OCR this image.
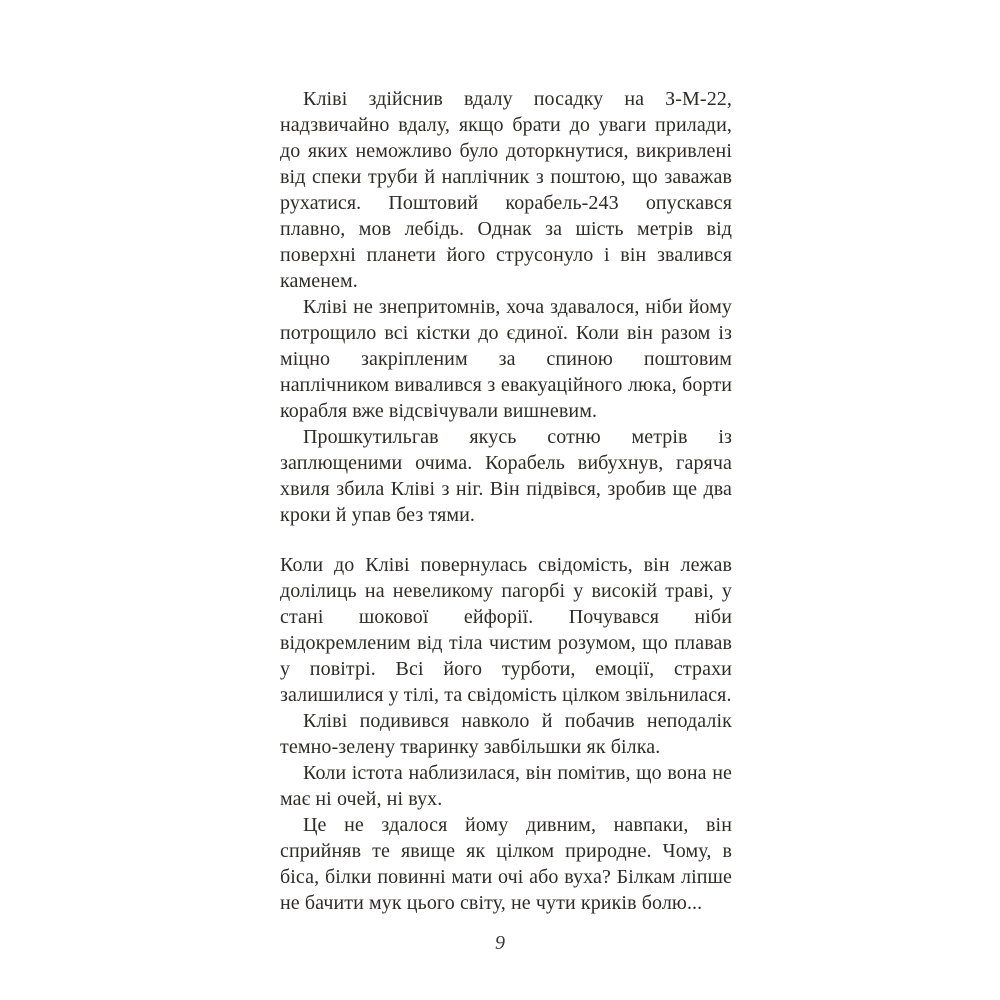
Кліві здійснив вдалу посадку на З-М-22, надзвичайно вдалу, якщо брати до уваги прилади, до яких неможливо було доторкнутися, викривлені від спеки труби й наплічник з поштою, що заважав рухатися. Поштовий корабель-243 опускався плавно, мов лебідь. Однак за шість метрів від поверхні планети його струсонуло і він звалився каменем.

Кліві не знепритомнів, хоча здавалося, ніби йому потрощило всі кістки до єдиної. Коли він разом із міцно закріпленим за спиною поштовим наплічником вивалився з евакуаційного люка, борти корабля вже відсвічували вишневим.

Прошкутильгав якусь сотню метрів із заплющеними очима. Корабель вибухнув, гаряча хвиля збила Кліві з ніг. Він підвівся, зробив ще два кроки й упав без тями.

Коли до Кліві повернулась свідомість, він лежав долілиць на невеликому пагорбі у високій траві, у стані шокової ейфорії. Почувався ніби відокремленим від тіла чистим розумом, що плавав у повітрі. Всі його турботи, емоції, страхи залишилися у тілі, та свідомість цілком звільнилася.

Кліві подивився навколо й побачив неподалік темно-зелену тваринку завбільшки як білка.

Коли істота наблизилася, він помітив, що вона не має ні очей, ні вух.

Це не здалося йому дивним, навпаки, він сприйняв те явище як цілком природне. Чому, в біса, білки повинні мати очі або вуха? Білкам ліпше не бачити мук цього світу, не чути криків болю...

9
